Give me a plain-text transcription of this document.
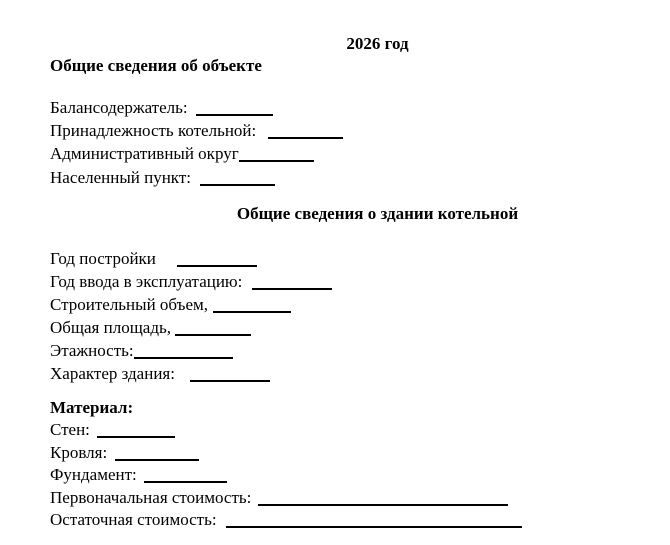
2026 год

Общие сведения об объекте

Балансодержатель:

Принадлежность котельной:

Административный округ

Населенный пункт:

Общие сведения о здании котельной

Год постройки

Год ввода в эксплуатацию:

Строительный объем,

Общая площадь,

Этажность:

Характер здания:

Материал:

Стен:

Кровля:

Фундамент:

Первоначальная стоимость:

Остаточная стоимость:
